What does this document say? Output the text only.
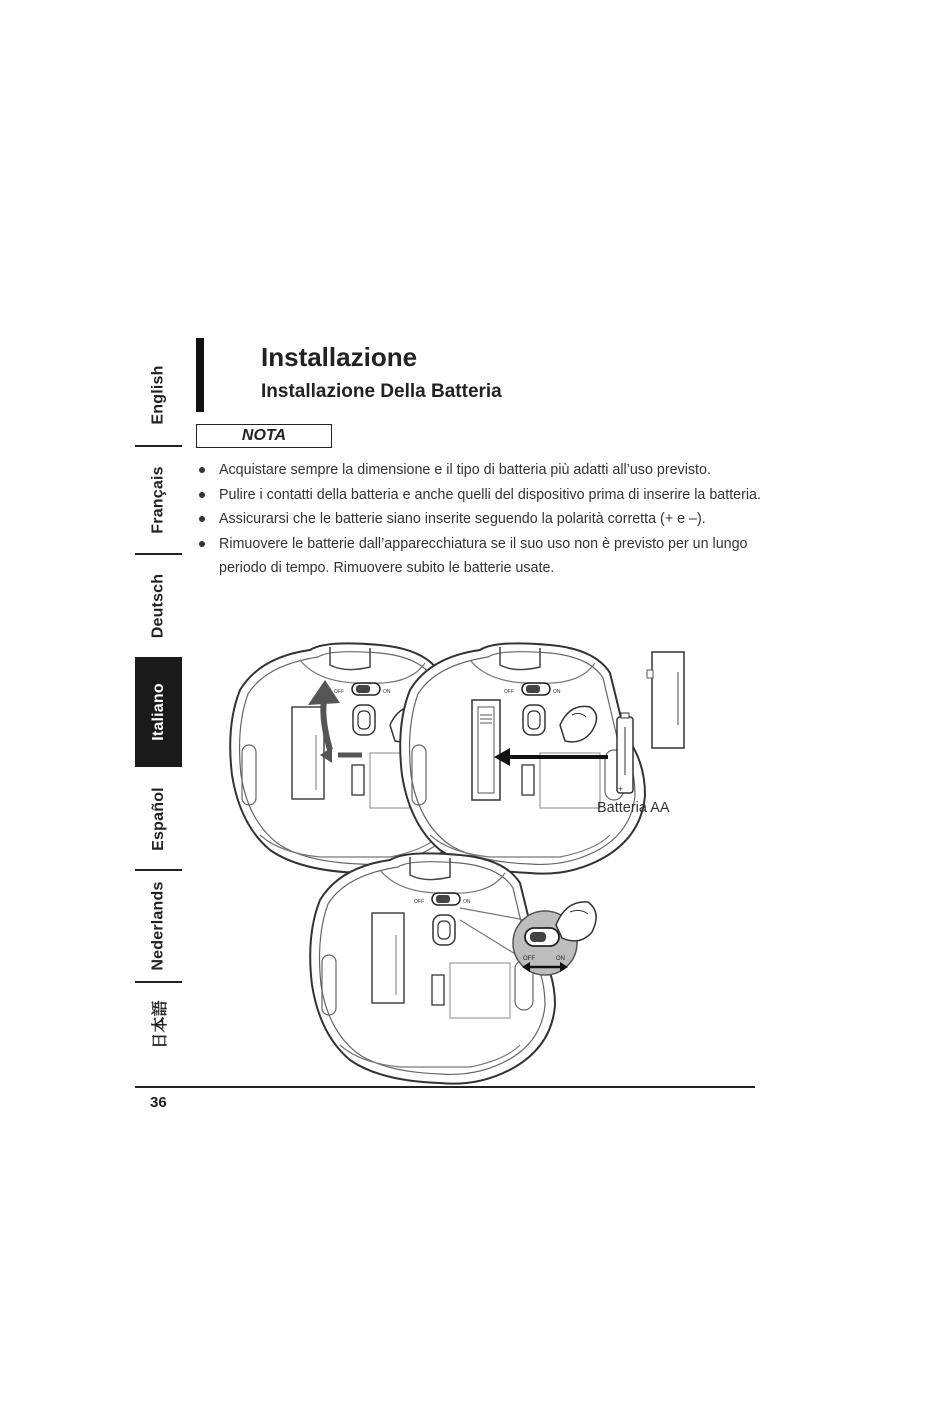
English
Français
Deutsch
Italiano
Español
Nederlands
日本語
Installazione
Installazione Della Batteria
NOTA
Acquistare sempre la dimensione e il tipo di batteria più adatti all’uso previsto.
Pulire i contatti della batteria e anche quelli del dispositivo prima di inserire la batteria.
Assicurarsi che le batterie siano inserite seguendo la polarità corretta (+ e –).
Rimuovere le batterie dall’apparecchiatura se il suo uso non è previsto per un lungo periodo di tempo. Rimuovere subito le batterie usate.
OFF	ON	OFF	ON
+
OFF	ON
OFF	ON
Batteria AA
36
